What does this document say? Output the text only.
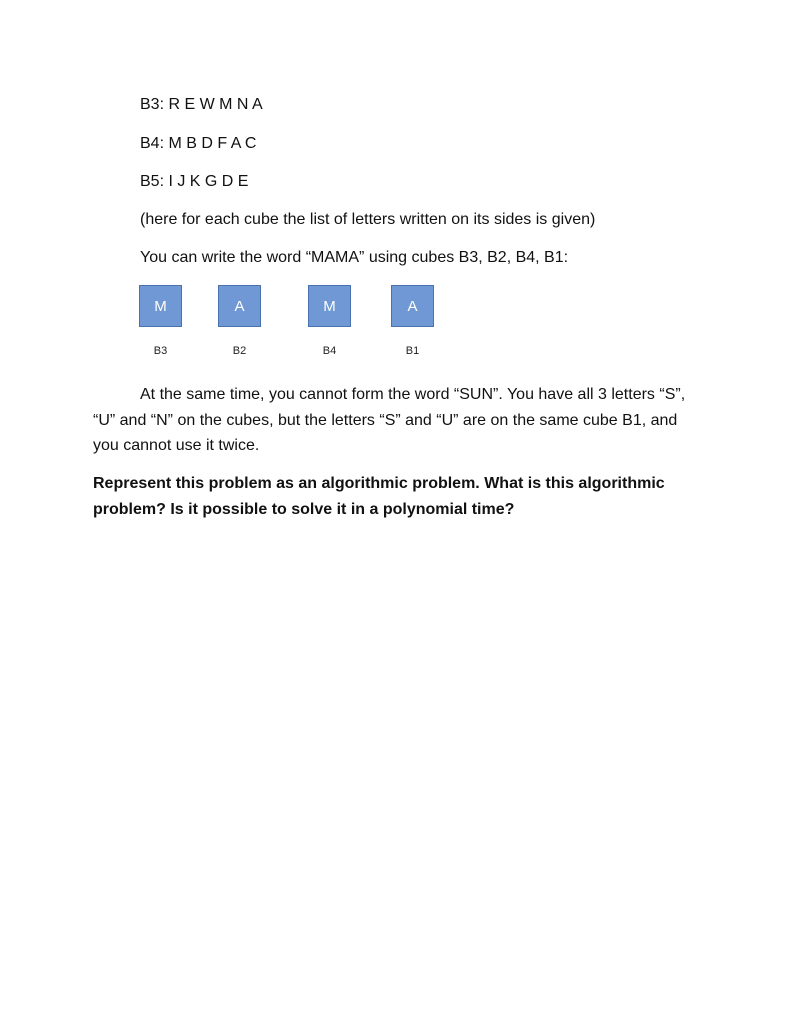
B3: R E W M N A

B4: M B D F A C

B5: I J K G D E

(here for each cube the list of letters written on its sides is given)

You can write the word “MAMA” using cubes B3, B2, B4, B1:

M	A	M	A
B3	B2	B4	B1

At the same time, you cannot form the word “SUN”. You have all 3 letters “S”, “U” and “N” on the cubes, but the letters “S” and “U” are on the same cube B1, and you cannot use it twice.

Represent this problem as an algorithmic problem. What is this algorithmic problem? Is it possible to solve it in a polynomial time?
